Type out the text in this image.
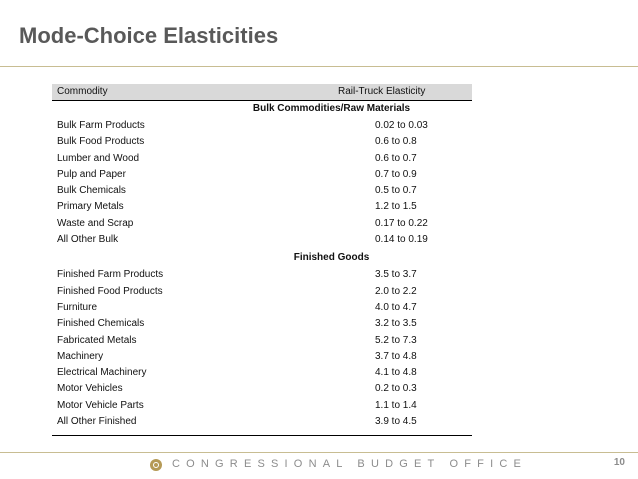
Mode-Choice Elasticities
Commodity	Rail-Truck Elasticity
Bulk Commodities/Raw Materials
Bulk Farm Products	0.02 to 0.03
Bulk Food Products	0.6 to 0.8
Lumber and Wood	0.6 to 0.7
Pulp and Paper	0.7 to 0.9
Bulk Chemicals	0.5 to 0.7
Primary Metals	1.2 to 1.5
Waste and Scrap	0.17 to 0.22
All Other Bulk	0.14 to 0.19
Finished Goods
Finished Farm Products	3.5 to 3.7
Finished Food Products	2.0 to 2.2
Furniture	4.0 to 4.7
Finished Chemicals	3.2 to 3.5
Fabricated Metals	5.2 to 7.3
Machinery	3.7 to 4.8
Electrical Machinery	4.1 to 4.8
Motor Vehicles	0.2 to 0.3
Motor Vehicle Parts	1.1 to 1.4
All Other Finished	3.9 to 4.5
CONGRESSIONAL BUDGET OFFICE	10
